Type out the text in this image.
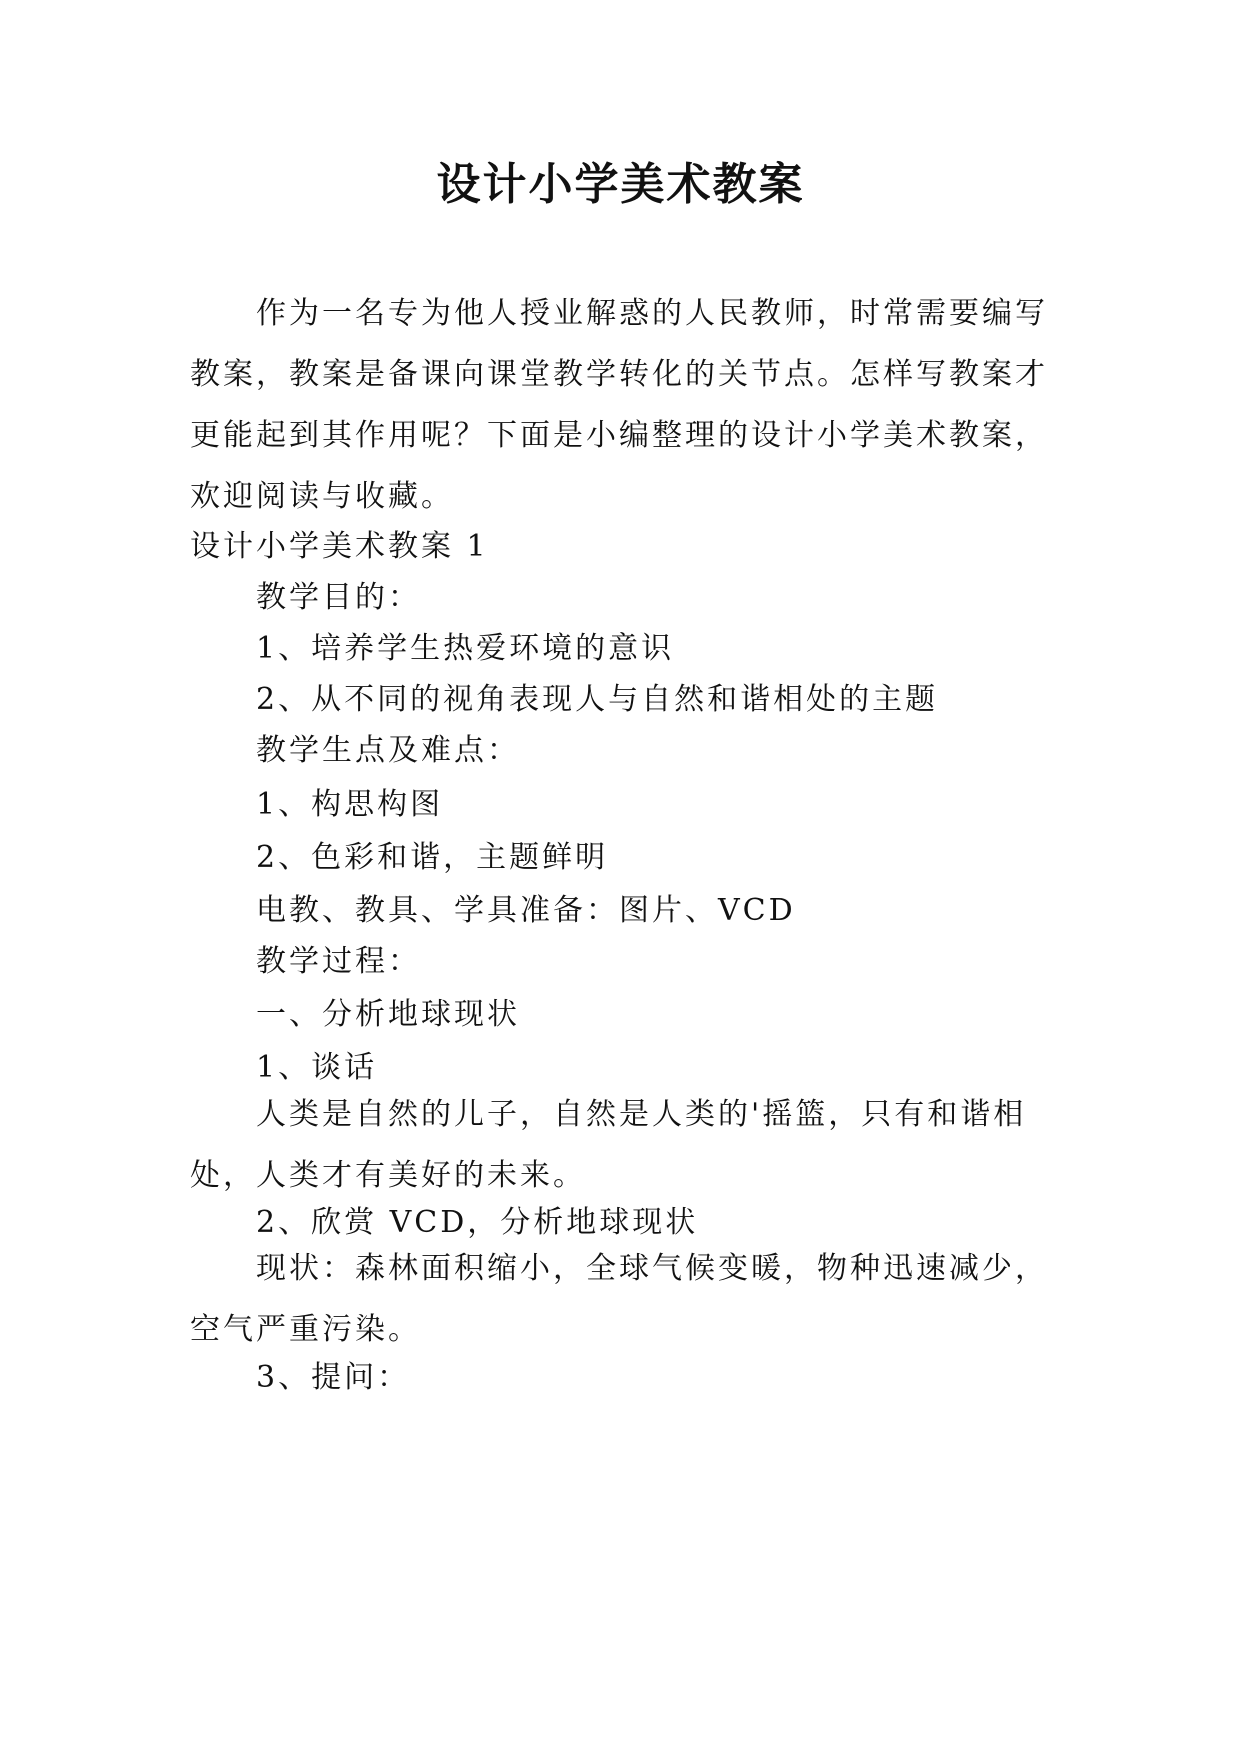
设计小学美术教案
作为一名专为他人授业解惑的人民教师，时常需要编写教案，教案是备课向课堂教学转化的关节点。怎样写教案才更能起到其作用呢？下面是小编整理的设计小学美术教案，欢迎阅读与收藏。
设计小学美术教案 1
教学目的：
1、培养学生热爱环境的意识
2、从不同的视角表现人与自然和谐相处的主题
教学生点及难点：
1、构思构图
2、色彩和谐，主题鲜明
电教、教具、学具准备：图片、VCD
教学过程：
一、分析地球现状
1、谈话
人类是自然的儿子，自然是人类的'摇篮，只有和谐相处，人类才有美好的未来。
2、欣赏 VCD，分析地球现状
现状：森林面积缩小，全球气候变暖，物种迅速减少，空气严重污染。
3、提问：
